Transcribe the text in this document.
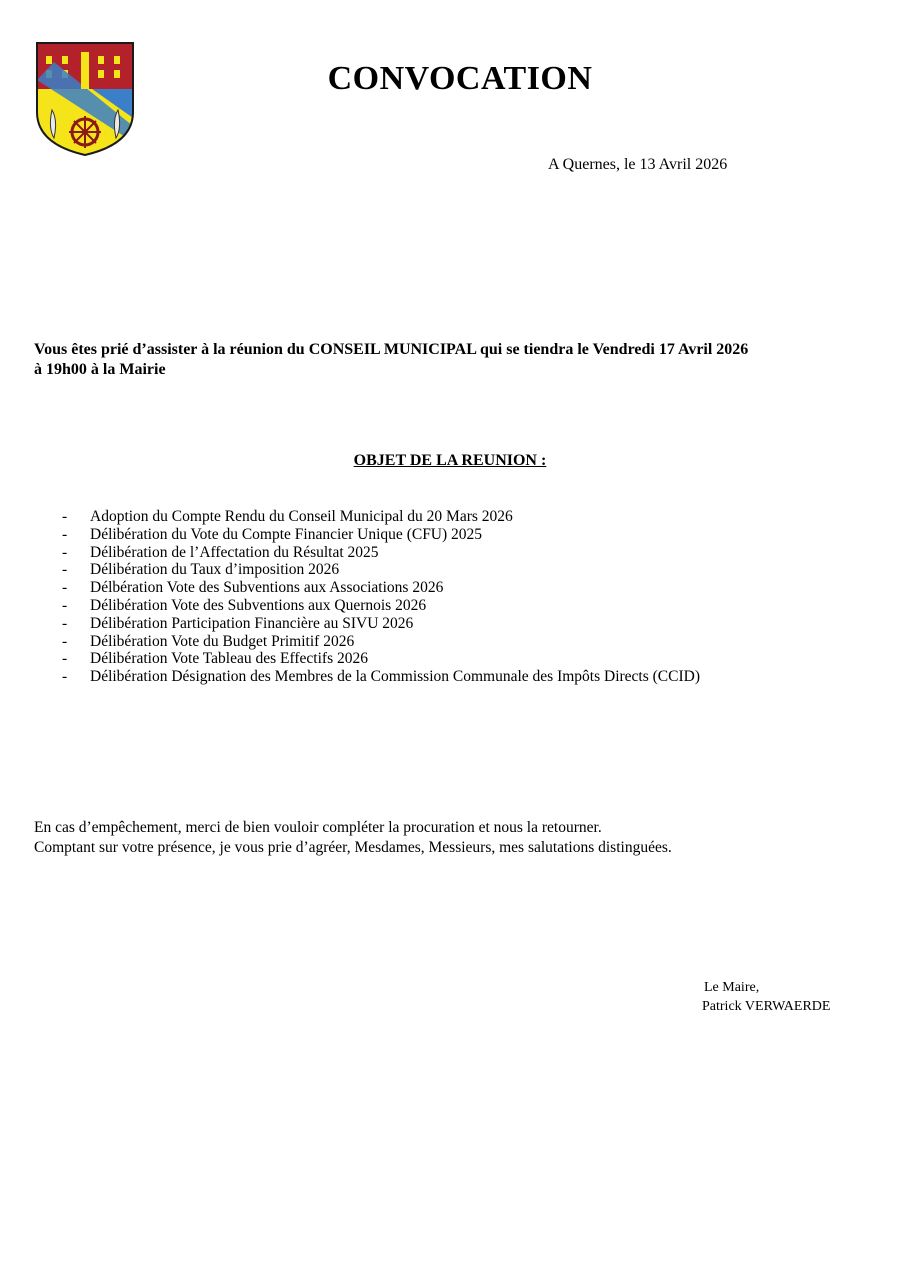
CONVOCATION
A Quernes, le 13 Avril 2026
Vous êtes prié d’assister à la réunion du CONSEIL MUNICIPAL qui se tiendra le Vendredi 17 Avril 2026
à 19h00 à la Mairie
OBJET DE LA REUNION :
- Adoption du Compte Rendu du Conseil Municipal du 20 Mars 2026
- Délibération du Vote du Compte Financier Unique (CFU) 2025
- Délibération de l’Affectation du Résultat 2025
- Délibération du Taux d’imposition 2026
- Délbération Vote des Subventions aux Associations 2026
- Délibération Vote des Subventions aux Quernois 2026
- Délibération Participation Financière au SIVU 2026
- Délibération Vote du Budget Primitif 2026
- Délibération Vote Tableau des Effectifs 2026
- Délibération Désignation des Membres de la Commission Communale des Impôts Directs (CCID)
En cas d’empêchement, merci de bien vouloir compléter la procuration et nous la retourner.
Comptant sur votre présence, je vous prie d’agréer, Mesdames, Messieurs, mes salutations distinguées.
Le Maire,
Patrick VERWAERDE
